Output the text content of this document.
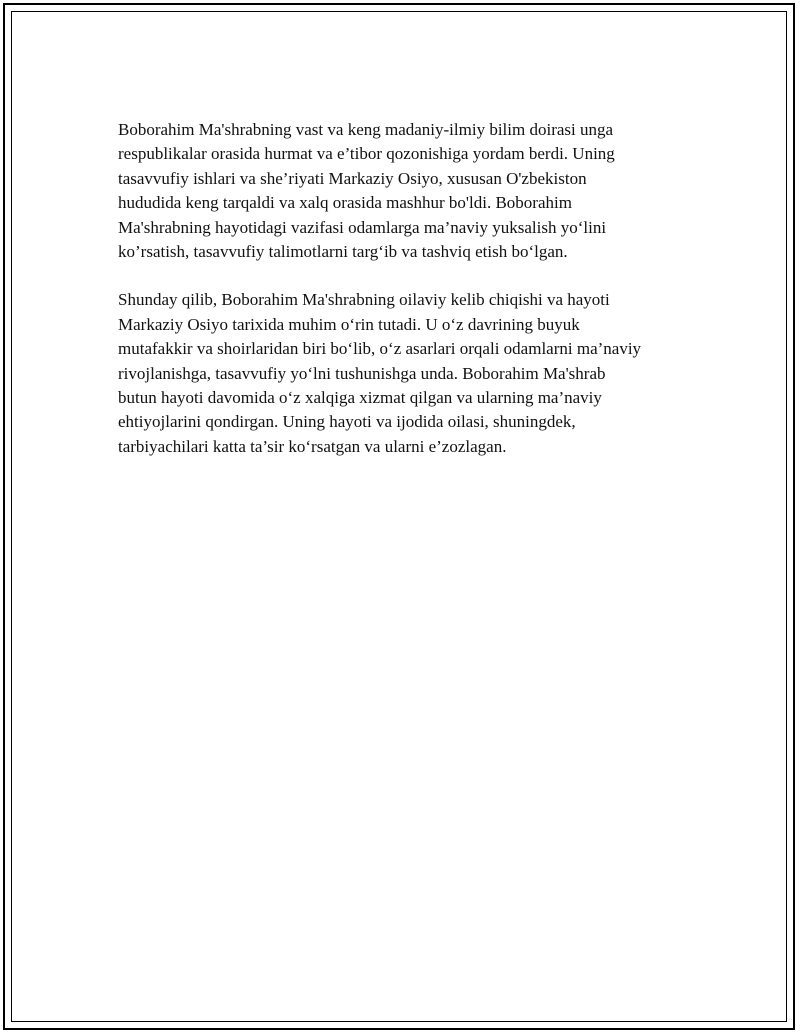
Boborahim Ma'shrabning vast va keng madaniy-ilmiy bilim doirasi unga
respublikalar orasida hurmat va e’tibor qozonishiga yordam berdi. Uning
tasavvufiy ishlari va she’riyati Markaziy Osiyo, xususan O'zbekiston
hududida keng tarqaldi va xalq orasida mashhur bo'ldi. Boborahim
Ma'shrabning hayotidagi vazifasi odamlarga ma’naviy yuksalish yo‘lini
ko’rsatish, tasavvufiy talimotlarni targ‘ib va tashviq etish bo‘lgan.

Shunday qilib, Boborahim Ma'shrabning oilaviy kelib chiqishi va hayoti
Markaziy Osiyo tarixida muhim o‘rin tutadi. U o‘z davrining buyuk
mutafakkir va shoirlaridan biri bo‘lib, o‘z asarlari orqali odamlarni ma’naviy
rivojlanishga, tasavvufiy yo‘lni tushunishga unda. Boborahim Ma'shrab
butun hayoti davomida o‘z xalqiga xizmat qilgan va ularning ma’naviy
ehtiyojlarini qondirgan. Uning hayoti va ijodida oilasi, shuningdek,
tarbiyachilari katta ta’sir ko‘rsatgan va ularni e’zozlagan.
